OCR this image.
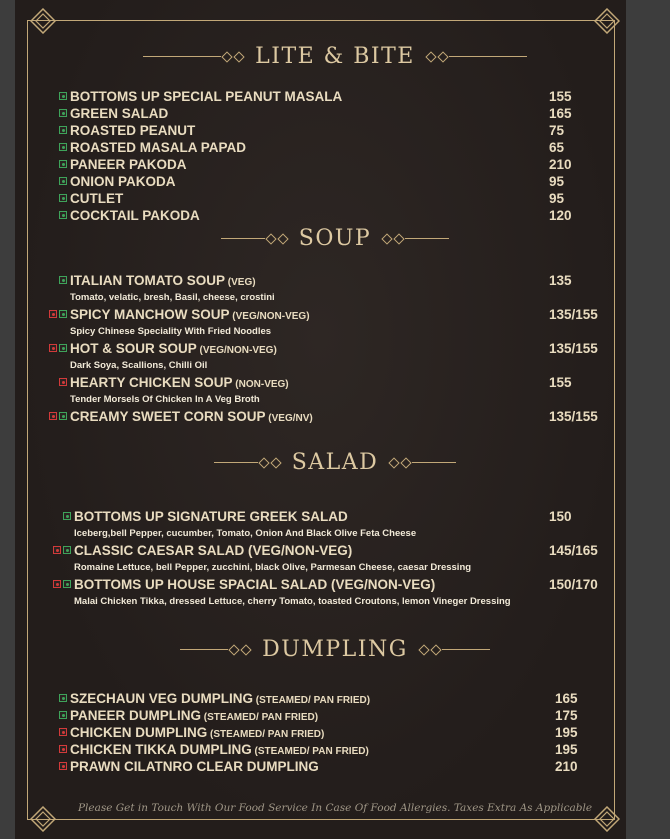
LITE & BITE
BOTTOMS UP SPECIAL PEANUT MASALA	155
GREEN SALAD	165
ROASTED PEANUT	75
ROASTED MASALA PAPAD	65
PANEER PAKODA	210
ONION PAKODA	95
CUTLET	95
COCKTAIL PAKODA	120
SOUP
ITALIAN TOMATO SOUP (VEG)	135
Tomato, velatic, bresh, Basil, cheese, crostini
SPICY MANCHOW SOUP (VEG/NON-VEG)	135/155
Spicy Chinese Speciality With Fried Noodles
HOT & SOUR SOUP (VEG/NON-VEG)	135/155
Dark Soya, Scallions, Chilli Oil
HEARTY CHICKEN SOUP (NON-VEG)	155
Tender Morsels Of Chicken In A Veg Broth
CREAMY SWEET CORN SOUP (VEG/NV)	135/155
SALAD
BOTTOMS UP SIGNATURE GREEK SALAD	150
Iceberg,bell Pepper, cucumber, Tomato, Onion And Black Olive Feta Cheese
CLASSIC CAESAR SALAD (VEG/NON-VEG)	145/165
Romaine Lettuce, bell Pepper, zucchini, black Olive, Parmesan Cheese, caesar Dressing
BOTTOMS UP HOUSE SPACIAL SALAD (VEG/NON-VEG)	150/170
Malai Chicken Tikka, dressed Lettuce, cherry Tomato, toasted Croutons, lemon Vineger Dressing
DUMPLING
SZECHAUN VEG DUMPLING (STEAMED/ PAN FRIED)	165
PANEER DUMPLING (STEAMED/ PAN FRIED)	175
CHICKEN DUMPLING (STEAMED/ PAN FRIED)	195
CHICKEN TIKKA DUMPLING (STEAMED/ PAN FRIED)	195
PRAWN CILATNRO CLEAR DUMPLING	210
Please Get in Touch With Our Food Service In Case Of Food Allergies. Taxes Extra As Applicable
